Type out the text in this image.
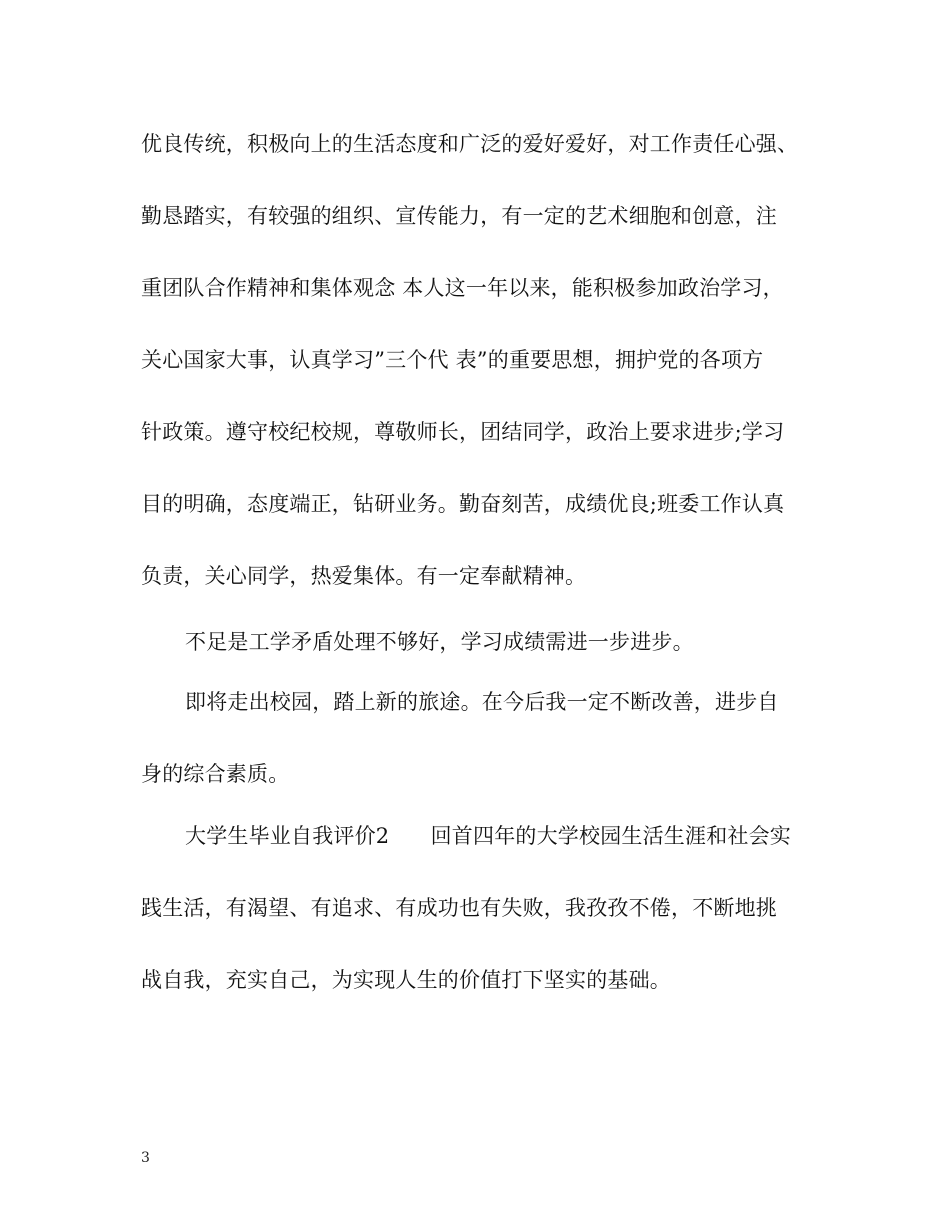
优良传统，积极向上的生活态度和广泛的爱好爱好，对工作责任心强、
勤恳踏实，有较强的组织、宣传能力，有一定的艺术细胞和创意，注
重团队合作精神和集体观念 本人这一年以来，能积极参加政治学习，
关心国家大事，认真学习”三个代 表”的重要思想，拥护党的各项方
针政策。遵守校纪校规，尊敬师长，团结同学，政治上要求进步;学习
目的明确，态度端正，钻研业务。勤奋刻苦，成绩优良;班委工作认真
负责，关心同学，热爱集体。有一定奉献精神。
不足是工学矛盾处理不够好，学习成绩需进一步进步。
即将走出校园，踏上新的旅途。在今后我一定不断改善，进步自
身的综合素质。
大学生毕业自我评价2      回首四年的大学校园生活生涯和社会实
践生活，有渴望、有追求、有成功也有失败，我孜孜不倦，不断地挑
战自我，充实自己，为实现人生的价值打下坚实的基础。
3
